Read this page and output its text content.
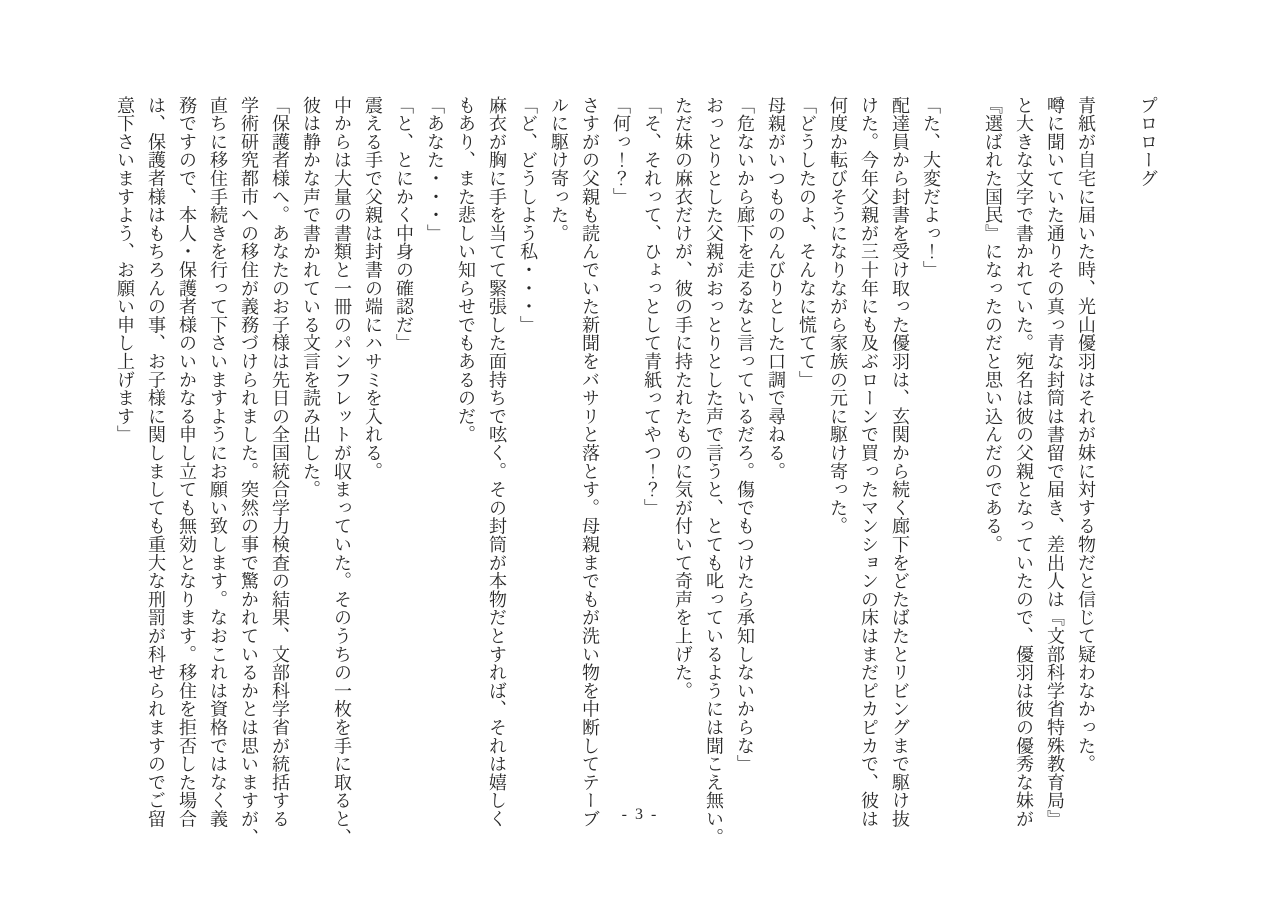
プロローグ

青紙が自宅に届いた時、光山優羽はそれが妹に対する物だと信じて疑わなかった。
噂に聞いていた通りその真っ青な封筒は書留で届き、差出人は『文部科学省特殊教育局』
と大きな文字で書かれていた。宛名は彼の父親となっていたので、優羽は彼の優秀な妹が
『選ばれた国民』になったのだと思い込んだのである。

「た、大変だよっ！」
配達員から封書を受け取った優羽は、玄関から続く廊下をどたばたとリビングまで駆け抜
けた。今年父親が三十年にも及ぶローンで買ったマンションの床はまだピカピカで、彼は
何度か転びそうになりながら家族の元に駆け寄った。
「どうしたのよ、そんなに慌てて」
母親がいつもののんびりとした口調で尋ねる。
「危ないから廊下を走るなと言っているだろ。傷でもつけたら承知しないからな」
おっとりとした父親がおっとりとした声で言うと、とても叱っているようには聞こえ無い。
ただ妹の麻衣だけが、彼の手に持たれたものに気が付いて奇声を上げた。
「そ、それって、ひょっとして青紙ってやつ！？」
「何っ！？」
さすがの父親も読んでいた新聞をバサリと落とす。母親までもが洗い物を中断してテーブ
ルに駆け寄った。
「ど、どうしよう私・・・」
麻衣が胸に手を当てて緊張した面持ちで呟く。その封筒が本物だとすれば、それは嬉しく
もあり、また悲しい知らせでもあるのだ。
「あなた・・・」
「と、とにかく中身の確認だ」
震える手で父親は封書の端にハサミを入れる。
中からは大量の書類と一冊のパンフレットが収まっていた。そのうちの一枚を手に取ると、
彼は静かな声で書かれている文言を読み出した。
「保護者様へ。あなたのお子様は先日の全国統合学力検査の結果、文部科学省が統括する
学術研究都市への移住が義務づけられました。突然の事で驚かれているかとは思いますが、
直ちに移住手続きを行って下さいますようにお願い致します。なおこれは資格ではなく義
務ですので、本人・保護者様のいかなる申し立ても無効となります。移住を拒否した場合
は、保護者様はもちろんの事、お子様に関しましても重大な刑罰が科せられますのでご留
意下さいますよう、お願い申し上げます」
- 3 -
